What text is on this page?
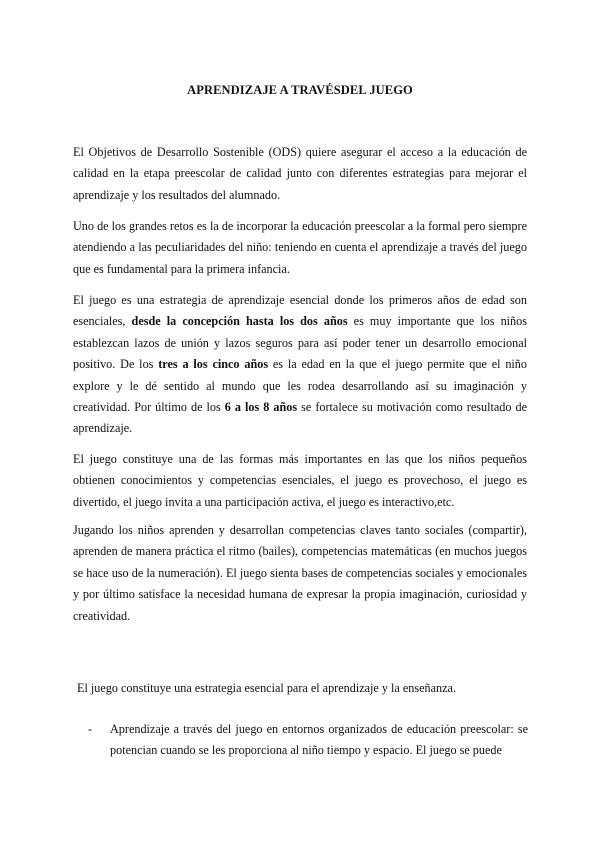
APRENDIZAJE A TRAVÉSDEL JUEGO

El Objetivos de Desarrollo Sostenible (ODS) quiere asegurar el acceso a la educación de calidad en la etapa preescolar de calidad junto con diferentes estrategias para mejorar el aprendizaje y los resultados del alumnado.

Uno de los grandes retos es la de incorporar la educación preescolar a la formal pero siempre atendiendo a las peculiaridades del niño: teniendo en cuenta el aprendizaje a través del juego que es fundamental para la primera infancia.

El juego es una estrategia de aprendizaje esencial donde los primeros años de edad son esenciales, desde la concepción hasta los dos años es muy importante que los niños establezcan lazos de unión y lazos seguros para así poder tener un desarrollo emocional positivo. De los tres a los cinco años es la edad en la que el juego permite que el niño explore y le dé sentido al mundo que les rodea desarrollando así su imaginación y creatividad. Por último de los 6 a los 8 años se fortalece su motivación como resultado de aprendizaje.

El juego constituye una de las formas más importantes en las que los niños pequeños obtienen conocimientos y competencias esenciales, el juego es provechoso, el juego es divertido, el juego invita a una participación activa, el juego es interactivo,etc.

Jugando los niños aprenden y desarrollan competencias claves tanto sociales (compartir), aprenden de manera práctica el ritmo (bailes), competencias matemáticas (en muchos juegos se hace uso de la numeración). El juego sienta bases de competencias sociales y emocionales y por último satisface la necesidad humana de expresar la propia imaginación, curiosidad y creatividad.

El juego constituye una estrategia esencial para el aprendizaje y la enseñanza.

- Aprendizaje a través del juego en entornos organizados de educación preescolar: se potencian cuando se les proporciona al niño tiempo y espacio. El juego se puede
